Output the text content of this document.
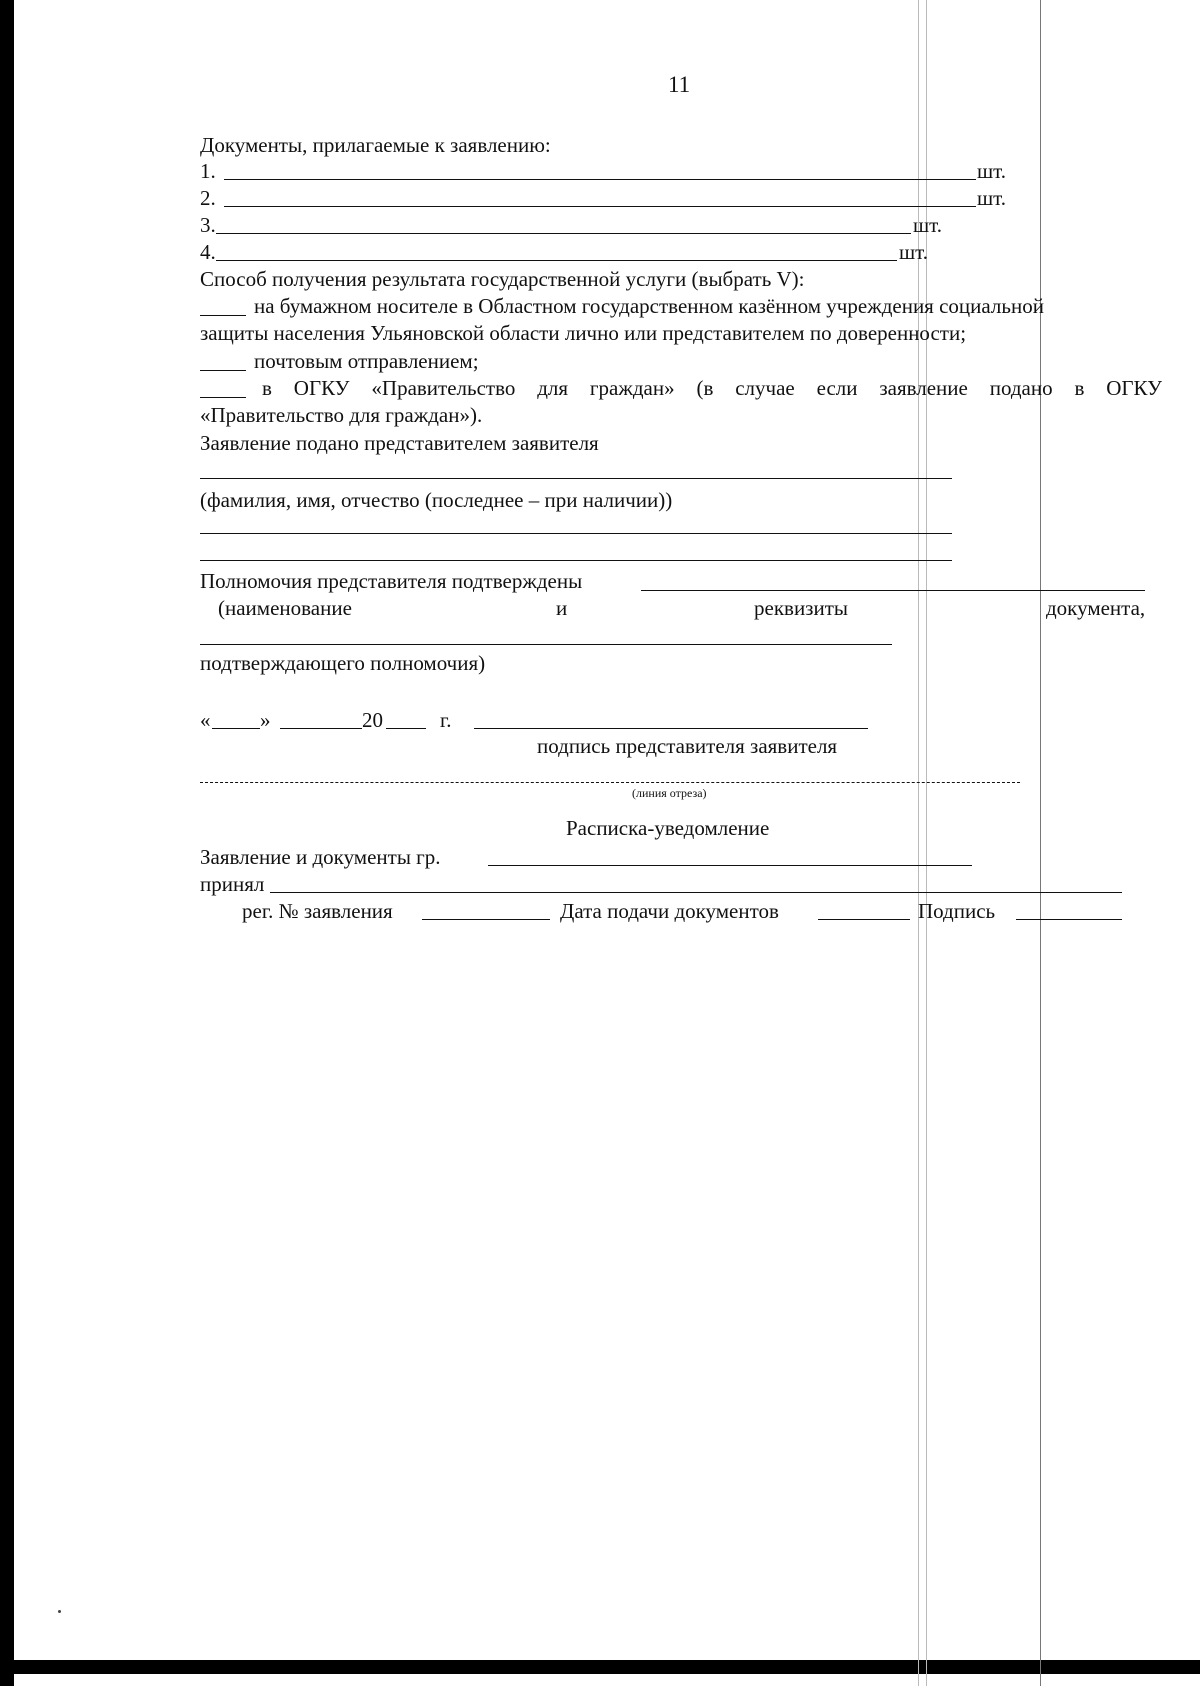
11
Документы, прилагаемые к заявлению:
1.	шт.
2.	шт.
3.	шт.
4.	шт.
Способ получения результата государственной услуги (выбрать V):
на бумажном носителе в Областном государственном казённом учреждения социальной
защиты населения Ульяновской области лично или представителем по доверенности;
почтовым отправлением;
в ОГКУ «Правительство для граждан» (в случае если заявление подано в ОГКУ
«Правительство для граждан»).
Заявление подано представителем заявителя
(фамилия, имя, отчество (последнее – при наличии))
Полномочия представителя подтверждены
(наименование	и	реквизиты	документа,
подтверждающего полномочия)
« »	20	г.
подпись представителя заявителя
(линия отреза)
Расписка-уведомление
Заявление и документы гр.
принял
рег. № заявления	Дата подачи документов	Подпись
